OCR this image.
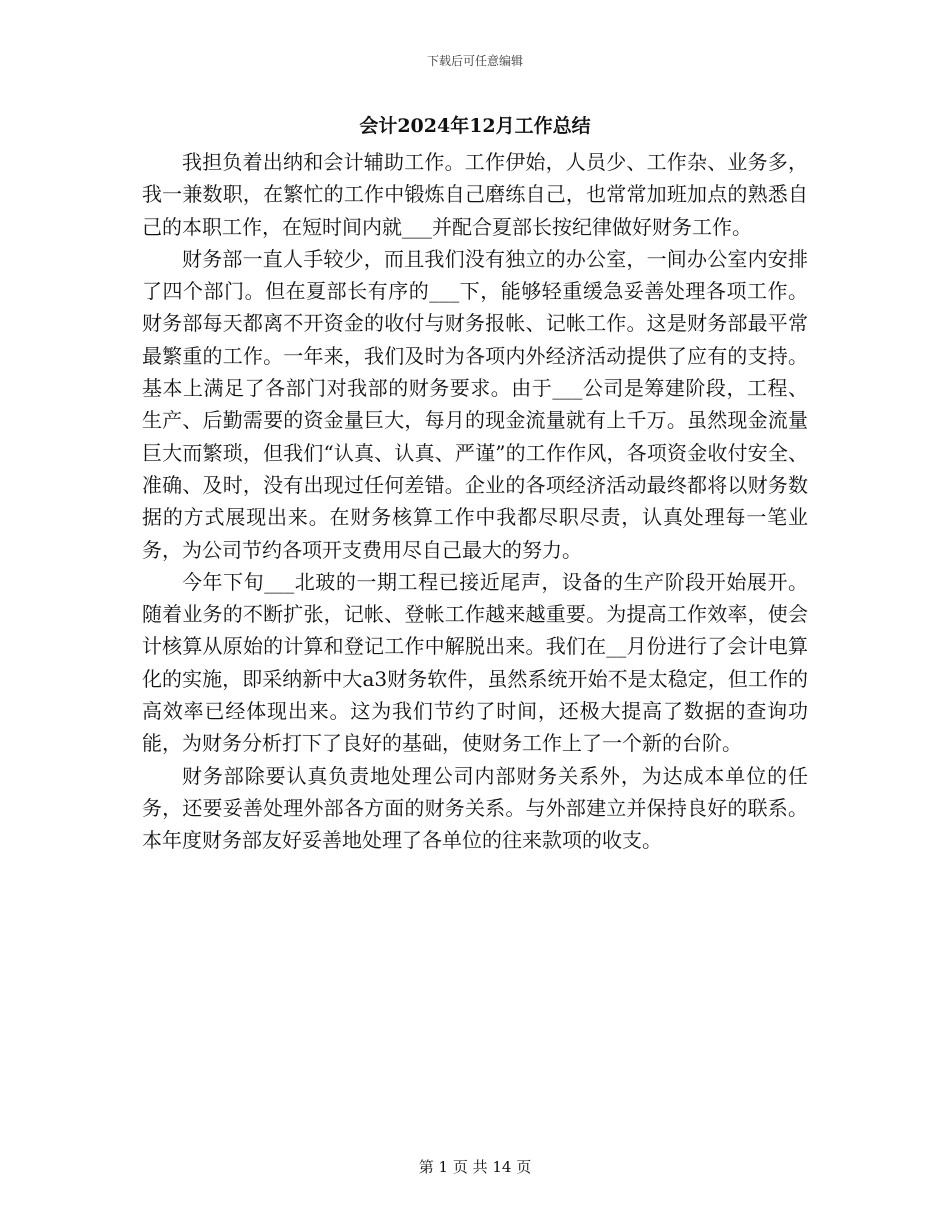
下载后可任意编辑
会计2024年12月工作总结

我担负着出纳和会计辅助工作。工作伊始，人员少、工作杂、业务多，我一兼数职，在繁忙的工作中锻炼自己磨练自己，也常常加班加点的熟悉自己的本职工作，在短时间内就___并配合夏部长按纪律做好财务工作。

财务部一直人手较少，而且我们没有独立的办公室，一间办公室内安排了四个部门。但在夏部长有序的___下，能够轻重缓急妥善处理各项工作。财务部每天都离不开资金的收付与财务报帐、记帐工作。这是财务部最平常最繁重的工作。一年来，我们及时为各项内外经济活动提供了应有的支持。基本上满足了各部门对我部的财务要求。由于___公司是筹建阶段，工程、生产、后勤需要的资金量巨大，每月的现金流量就有上千万。虽然现金流量巨大而繁琐，但我们“认真、认真、严谨”的工作作风，各项资金收付安全、准确、及时，没有出现过任何差错。企业的各项经济活动最终都将以财务数据的方式展现出来。在财务核算工作中我都尽职尽责，认真处理每一笔业务，为公司节约各项开支费用尽自己最大的努力。

今年下旬___北玻的一期工程已接近尾声，设备的生产阶段开始展开。随着业务的不断扩张，记帐、登帐工作越来越重要。为提高工作效率，使会计核算从原始的计算和登记工作中解脱出来。我们在__月份进行了会计电算化的实施，即采纳新中大a3财务软件，虽然系统开始不是太稳定，但工作的高效率已经体现出来。这为我们节约了时间，还极大提高了数据的查询功能，为财务分析打下了良好的基础，使财务工作上了一个新的台阶。

财务部除要认真负责地处理公司内部财务关系外，为达成本单位的任务，还要妥善处理外部各方面的财务关系。与外部建立并保持良好的联系。本年度财务部友好妥善地处理了各单位的往来款项的收支。

第 1 页 共 14 页
